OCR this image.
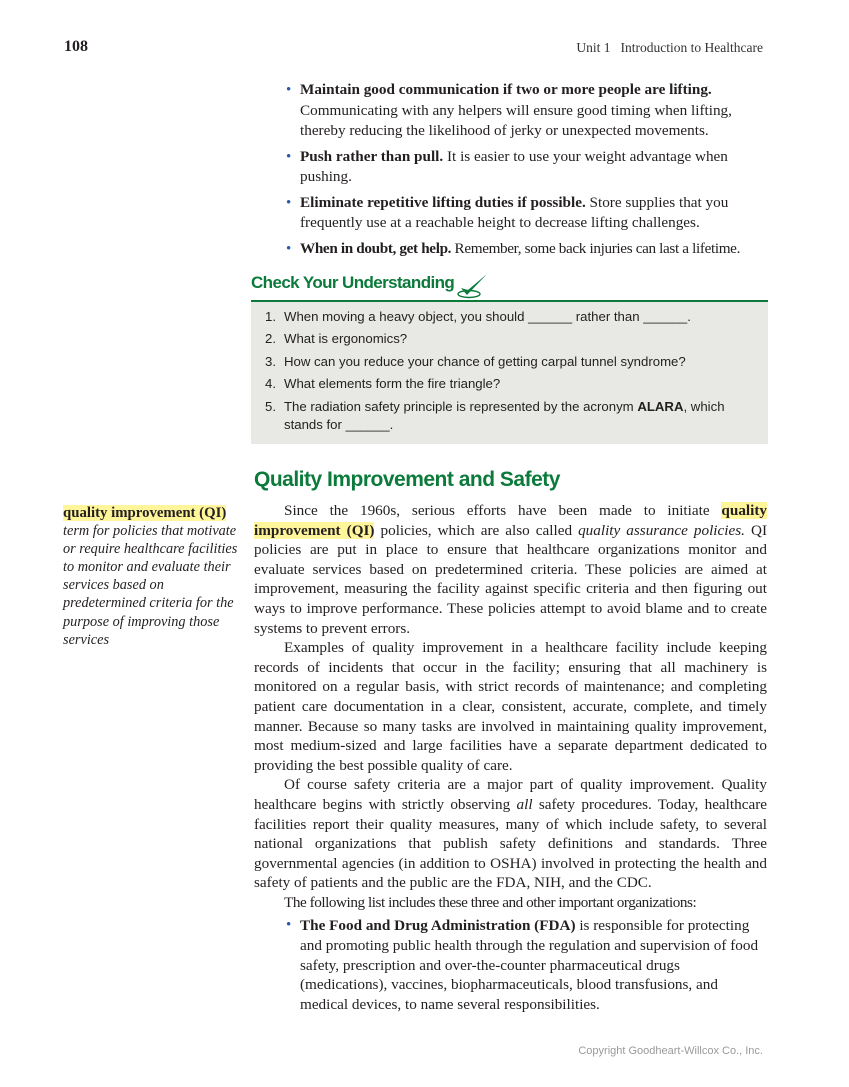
108	Unit 1 Introduction to Healthcare
• Maintain good communication if two or more people are lifting. Communicating with any helpers will ensure good timing when lifting, thereby reducing the likelihood of jerky or unexpected movements.
• Push rather than pull. It is easier to use your weight advantage when pushing.
• Eliminate repetitive lifting duties if possible. Store supplies that you frequently use at a reachable height to decrease lifting challenges.
• When in doubt, get help. Remember, some back injuries can last a lifetime.
Check Your Understanding
1. When moving a heavy object, you should ______ rather than ______.
2. What is ergonomics?
3. How can you reduce your chance of getting carpal tunnel syndrome?
4. What elements form the fire triangle?
5. The radiation safety principle is represented by the acronym ALARA, which stands for ______.
Quality Improvement and Safety
quality improvement (QI)
term for policies that motivate or require healthcare facilities to monitor and evaluate their services based on predetermined criteria for the purpose of improving those services

Since the 1960s, serious efforts have been made to initiate quality improvement (QI) policies, which are also called quality assurance policies. QI policies are put in place to ensure that healthcare organizations monitor and evaluate services based on predetermined criteria. These policies are aimed at improvement, measuring the facility against specific criteria and then figuring out ways to improve performance. These policies attempt to avoid blame and to create systems to prevent errors.

Examples of quality improvement in a healthcare facility include keeping records of incidents that occur in the facility; ensuring that all machinery is monitored on a regular basis, with strict records of maintenance; and completing patient care documentation in a clear, consistent, accurate, complete, and timely manner. Because so many tasks are involved in maintaining quality improvement, most medium-sized and large facilities have a separate department dedicated to providing the best possible quality of care.

Of course safety criteria are a major part of quality improvement. Quality healthcare begins with strictly observing all safety procedures. Today, healthcare facilities report their quality measures, many of which include safety, to several national organizations that publish safety definitions and standards. Three governmental agencies (in addition to OSHA) involved in protecting the health and safety of patients and the public are the FDA, NIH, and the CDC.

The following list includes these three and other important organizations:

• The Food and Drug Administration (FDA) is responsible for protecting and promoting public health through the regulation and supervision of food safety, prescription and over-the-counter pharmaceutical drugs (medications), vaccines, biopharmaceuticals, blood transfusions, and medical devices, to name several responsibilities.
Copyright Goodheart-Willcox Co., Inc.
